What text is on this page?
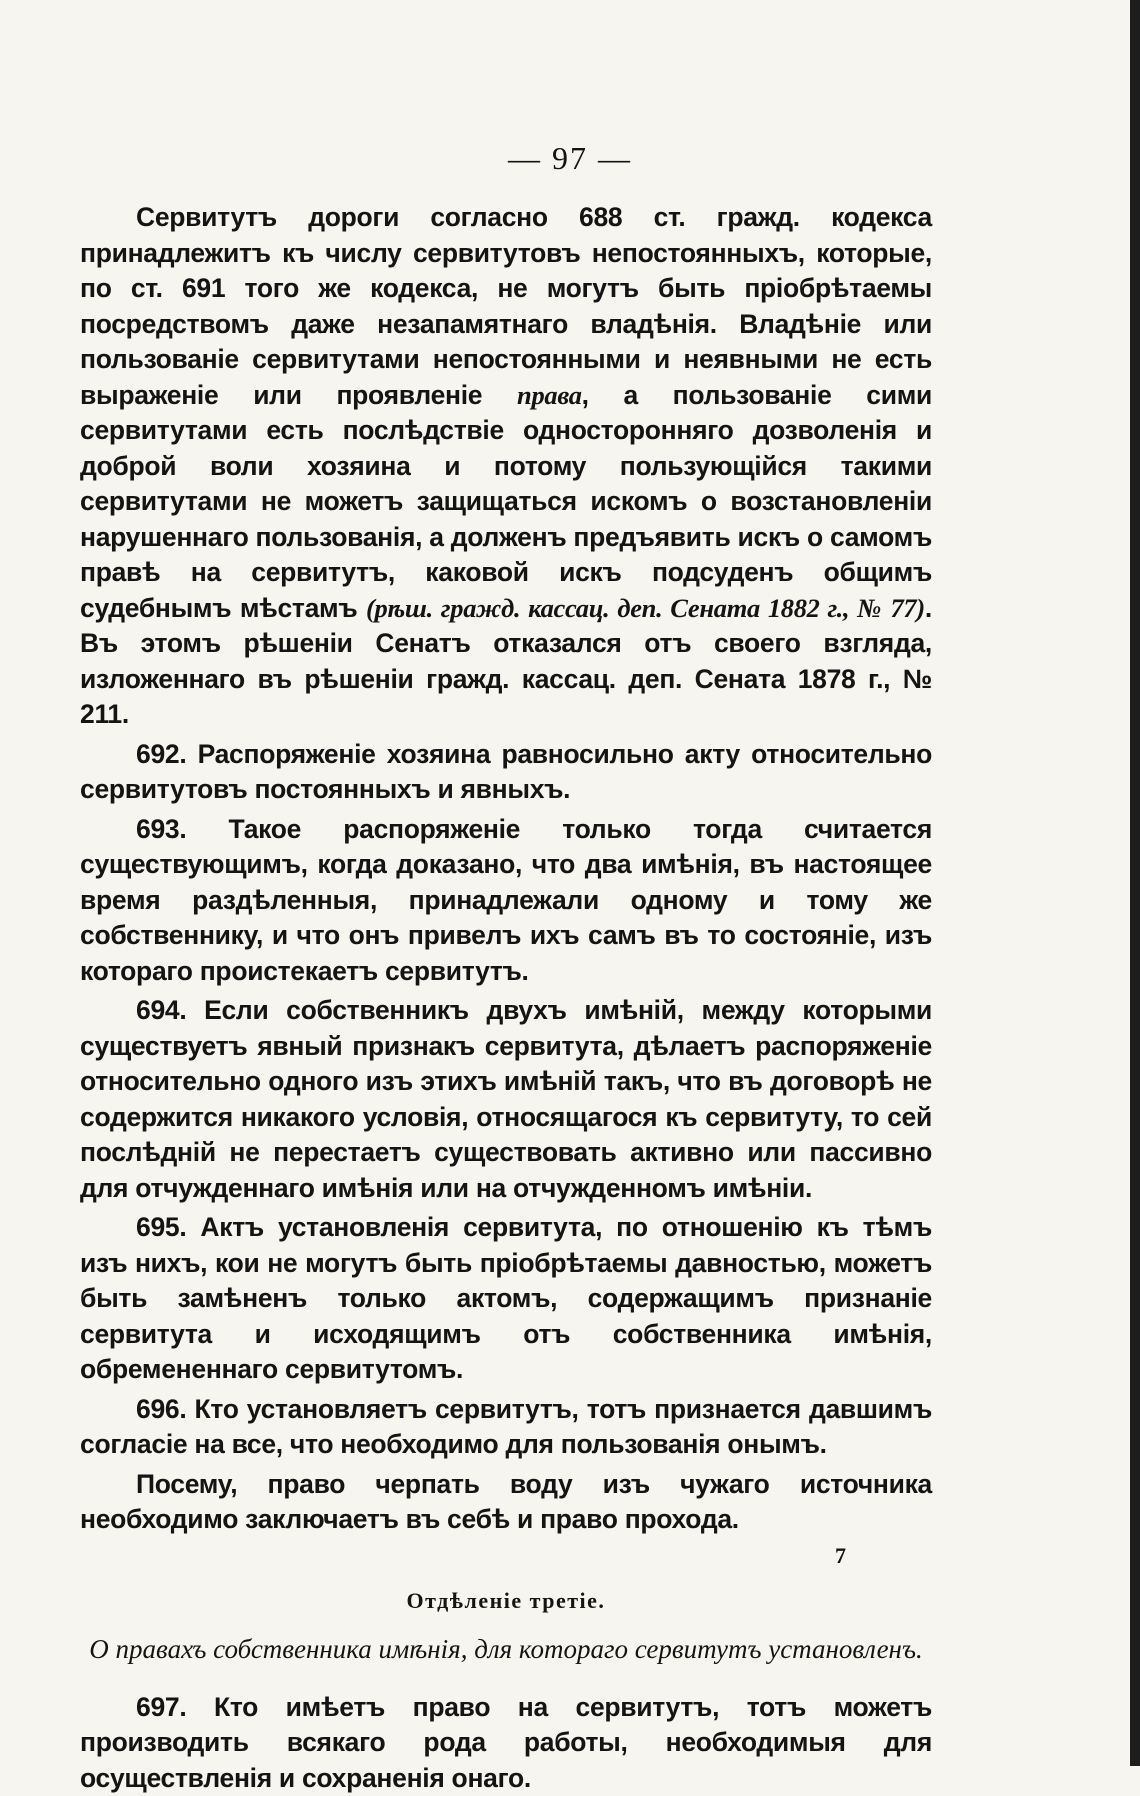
— 97 —

Сервитутъ дороги согласно 688 ст. гражд. кодекса принадлежитъ къ числу сервитутовъ непостоянныхъ, которые, по ст. 691 того же кодекса, не могутъ быть пріобрѣтаемы посредствомъ даже незапамятнаго владѣнія. Владѣніе или пользованіе сервитутами непостоянными и неявными не есть выраженіе или проявленіе права, а пользованіе сими сервитутами есть послѣдствіе односторонняго дозволенія и доброй воли хозяина и потому пользующійся такими сервитутами не можетъ защищаться искомъ о возстановленіи нарушеннаго пользованія, а долженъ предъявить искъ о самомъ правѣ на сервитутъ, каковой искъ подсуденъ общимъ судебнымъ мѣстамъ (рѣш. гражд. кассац. деп. Сената 1882 г., № 77). Въ этомъ рѣшеніи Сенатъ отказался отъ своего взгляда, изложеннаго въ рѣшеніи гражд. кассац. деп. Сената 1878 г., № 211.

692. Распоряженіе хозяина равносильно акту относительно сервитутовъ постоянныхъ и явныхъ.

693. Такое распоряженіе только тогда считается существующимъ, когда доказано, что два имѣнія, въ настоящее время раздѣленныя, принадлежали одному и тому же собственнику, и что онъ привелъ ихъ самъ въ то состояніе, изъ котораго проистекаетъ сервитутъ.

694. Если собственникъ двухъ имѣній, между которыми существуетъ явный признакъ сервитута, дѣлаетъ распоряженіе относительно одного изъ этихъ имѣній такъ, что въ договорѣ не содержится никакого условія, относящагося къ сервитуту, то сей послѣдній не перестаетъ существовать активно или пассивно для отчужденнаго имѣнія или на отчужденномъ имѣніи.

695. Актъ установленія сервитута, по отношенію къ тѣмъ изъ нихъ, кои не могутъ быть пріобрѣтаемы давностью, можетъ быть замѣненъ только актомъ, содержащимъ признаніе сервитута и исходящимъ отъ собственника имѣнія, обремененнаго сервитутомъ.

696. Кто установляетъ сервитутъ, тотъ признается давшимъ согласіе на все, что необходимо для пользованія онымъ.

Посему, право черпать воду изъ чужаго источника необходимо заключаетъ въ себѣ и право прохода.

Отдѣленіе третіе.

О правахъ собственника имѣнія, для котораго сервитутъ установленъ.

697. Кто имѣетъ право на сервитутъ, тотъ можетъ производить всякаго рода работы, необходимыя для осуществленія и сохраненія онаго.

7
